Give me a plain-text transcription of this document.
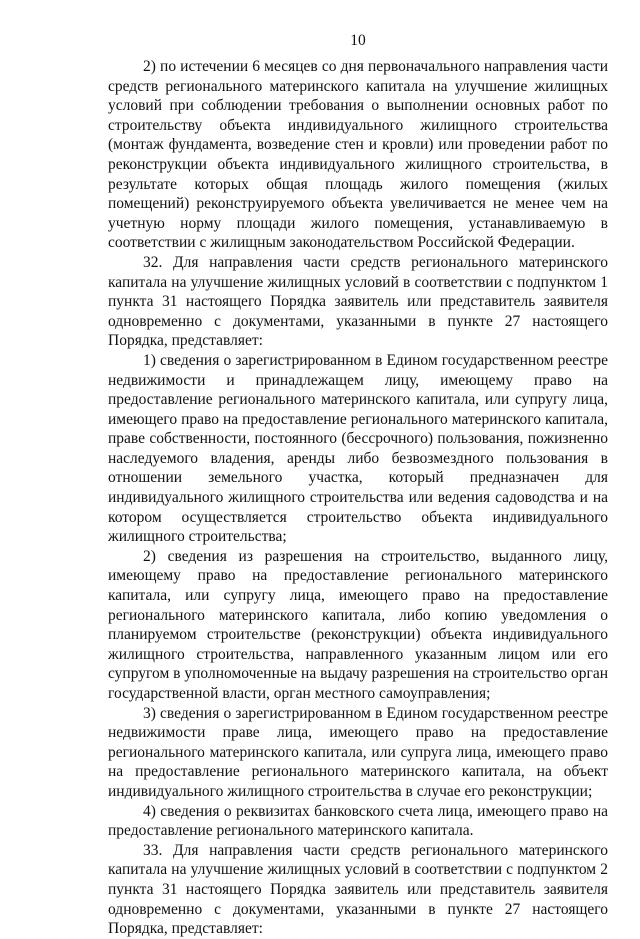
10

2) по истечении 6 месяцев со дня первоначального направления части средств регионального материнского капитала на улучшение жилищных условий при соблюдении требования о выполнении основных работ по строительству объекта индивидуального жилищного строительства (монтаж фундамента, возведение стен и кровли) или проведении работ по реконструкции объекта индивидуального жилищного строительства, в результате которых общая площадь жилого помещения (жилых помещений) реконструируемого объекта увеличивается не менее чем на учетную норму площади жилого помещения, устанавливаемую в соответствии с жилищным законодательством Российской Федерации.

32. Для направления части средств регионального материнского капитала на улучшение жилищных условий в соответствии с подпунктом 1 пункта 31 настоящего Порядка заявитель или представитель заявителя одновременно с документами, указанными в пункте 27 настоящего Порядка, представляет:

1) сведения о зарегистрированном в Едином государственном реестре недвижимости и принадлежащем лицу, имеющему право на предоставление регионального материнского капитала, или супругу лица, имеющего право на предоставление регионального материнского капитала, праве собственности, постоянного (бессрочного) пользования, пожизненно наследуемого владения, аренды либо безвозмездного пользования в отношении земельного участка, который предназначен для индивидуального жилищного строительства или ведения садоводства и на котором осуществляется строительство объекта индивидуального жилищного строительства;

2) сведения из разрешения на строительство, выданного лицу, имеющему право на предоставление регионального материнского капитала, или супругу лица, имеющего право на предоставление регионального материнского капитала, либо копию уведомления о планируемом строительстве (реконструкции) объекта индивидуального жилищного строительства, направленного указанным лицом или его супругом в уполномоченные на выдачу разрешения на строительство орган государственной власти, орган местного самоуправления;

3) сведения о зарегистрированном в Едином государственном реестре недвижимости праве лица, имеющего право на предоставление регионального материнского капитала, или супруга лица, имеющего право на предоставление регионального материнского капитала, на объект индивидуального жилищного строительства в случае его реконструкции;

4) сведения о реквизитах банковского счета лица, имеющего право на предоставление регионального материнского капитала.

33. Для направления части средств регионального материнского капитала на улучшение жилищных условий в соответствии с подпунктом 2 пункта 31 настоящего Порядка заявитель или представитель заявителя одновременно с документами, указанными в пункте 27 настоящего Порядка, представляет:
